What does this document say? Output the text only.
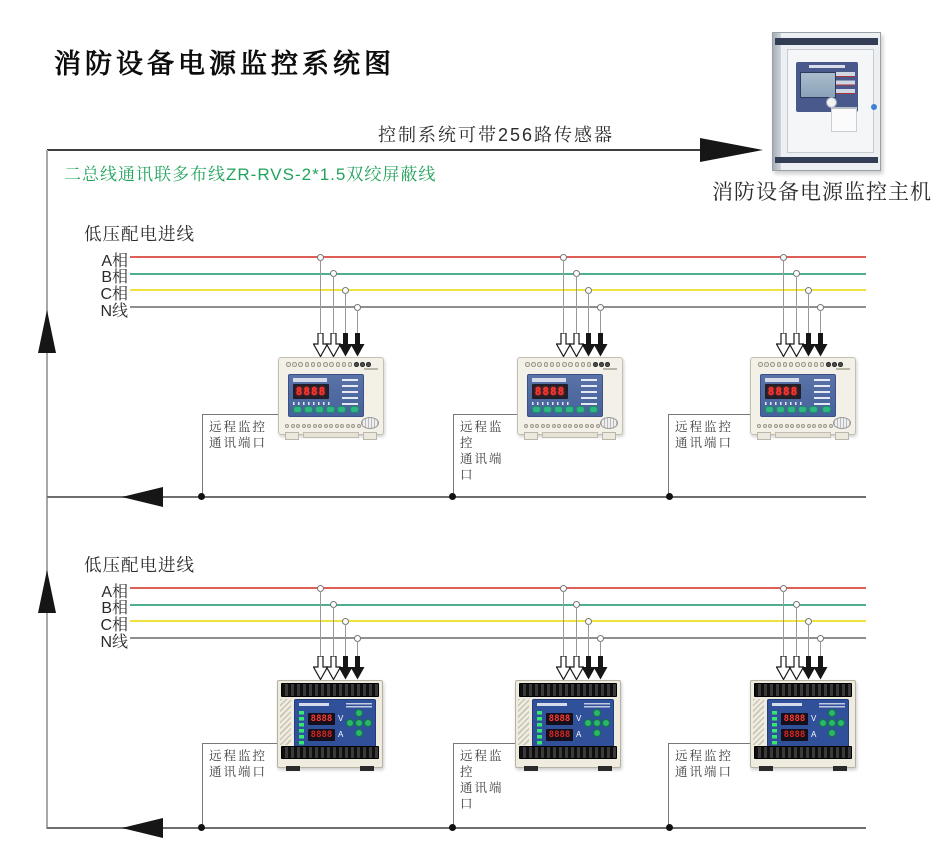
消防设备电源监控系统图
控制系统可带256路传感器
二总线通讯联多布线ZR-RVS-2*1.5双绞屏蔽线
消防设备电源监控主机
低压配电进线
A相
B相
C相
N线
8888	8888	8888
远程监控
通讯端口
远程监控
通讯端口
远程监控
通讯端口
低压配电进线
A相
B相
C相
N线
8888 V
8888 A
8888 V
8888 A
8888 V
8888 A
远程监控
通讯端口
远程监控
通讯端口
远程监控
通讯端口
